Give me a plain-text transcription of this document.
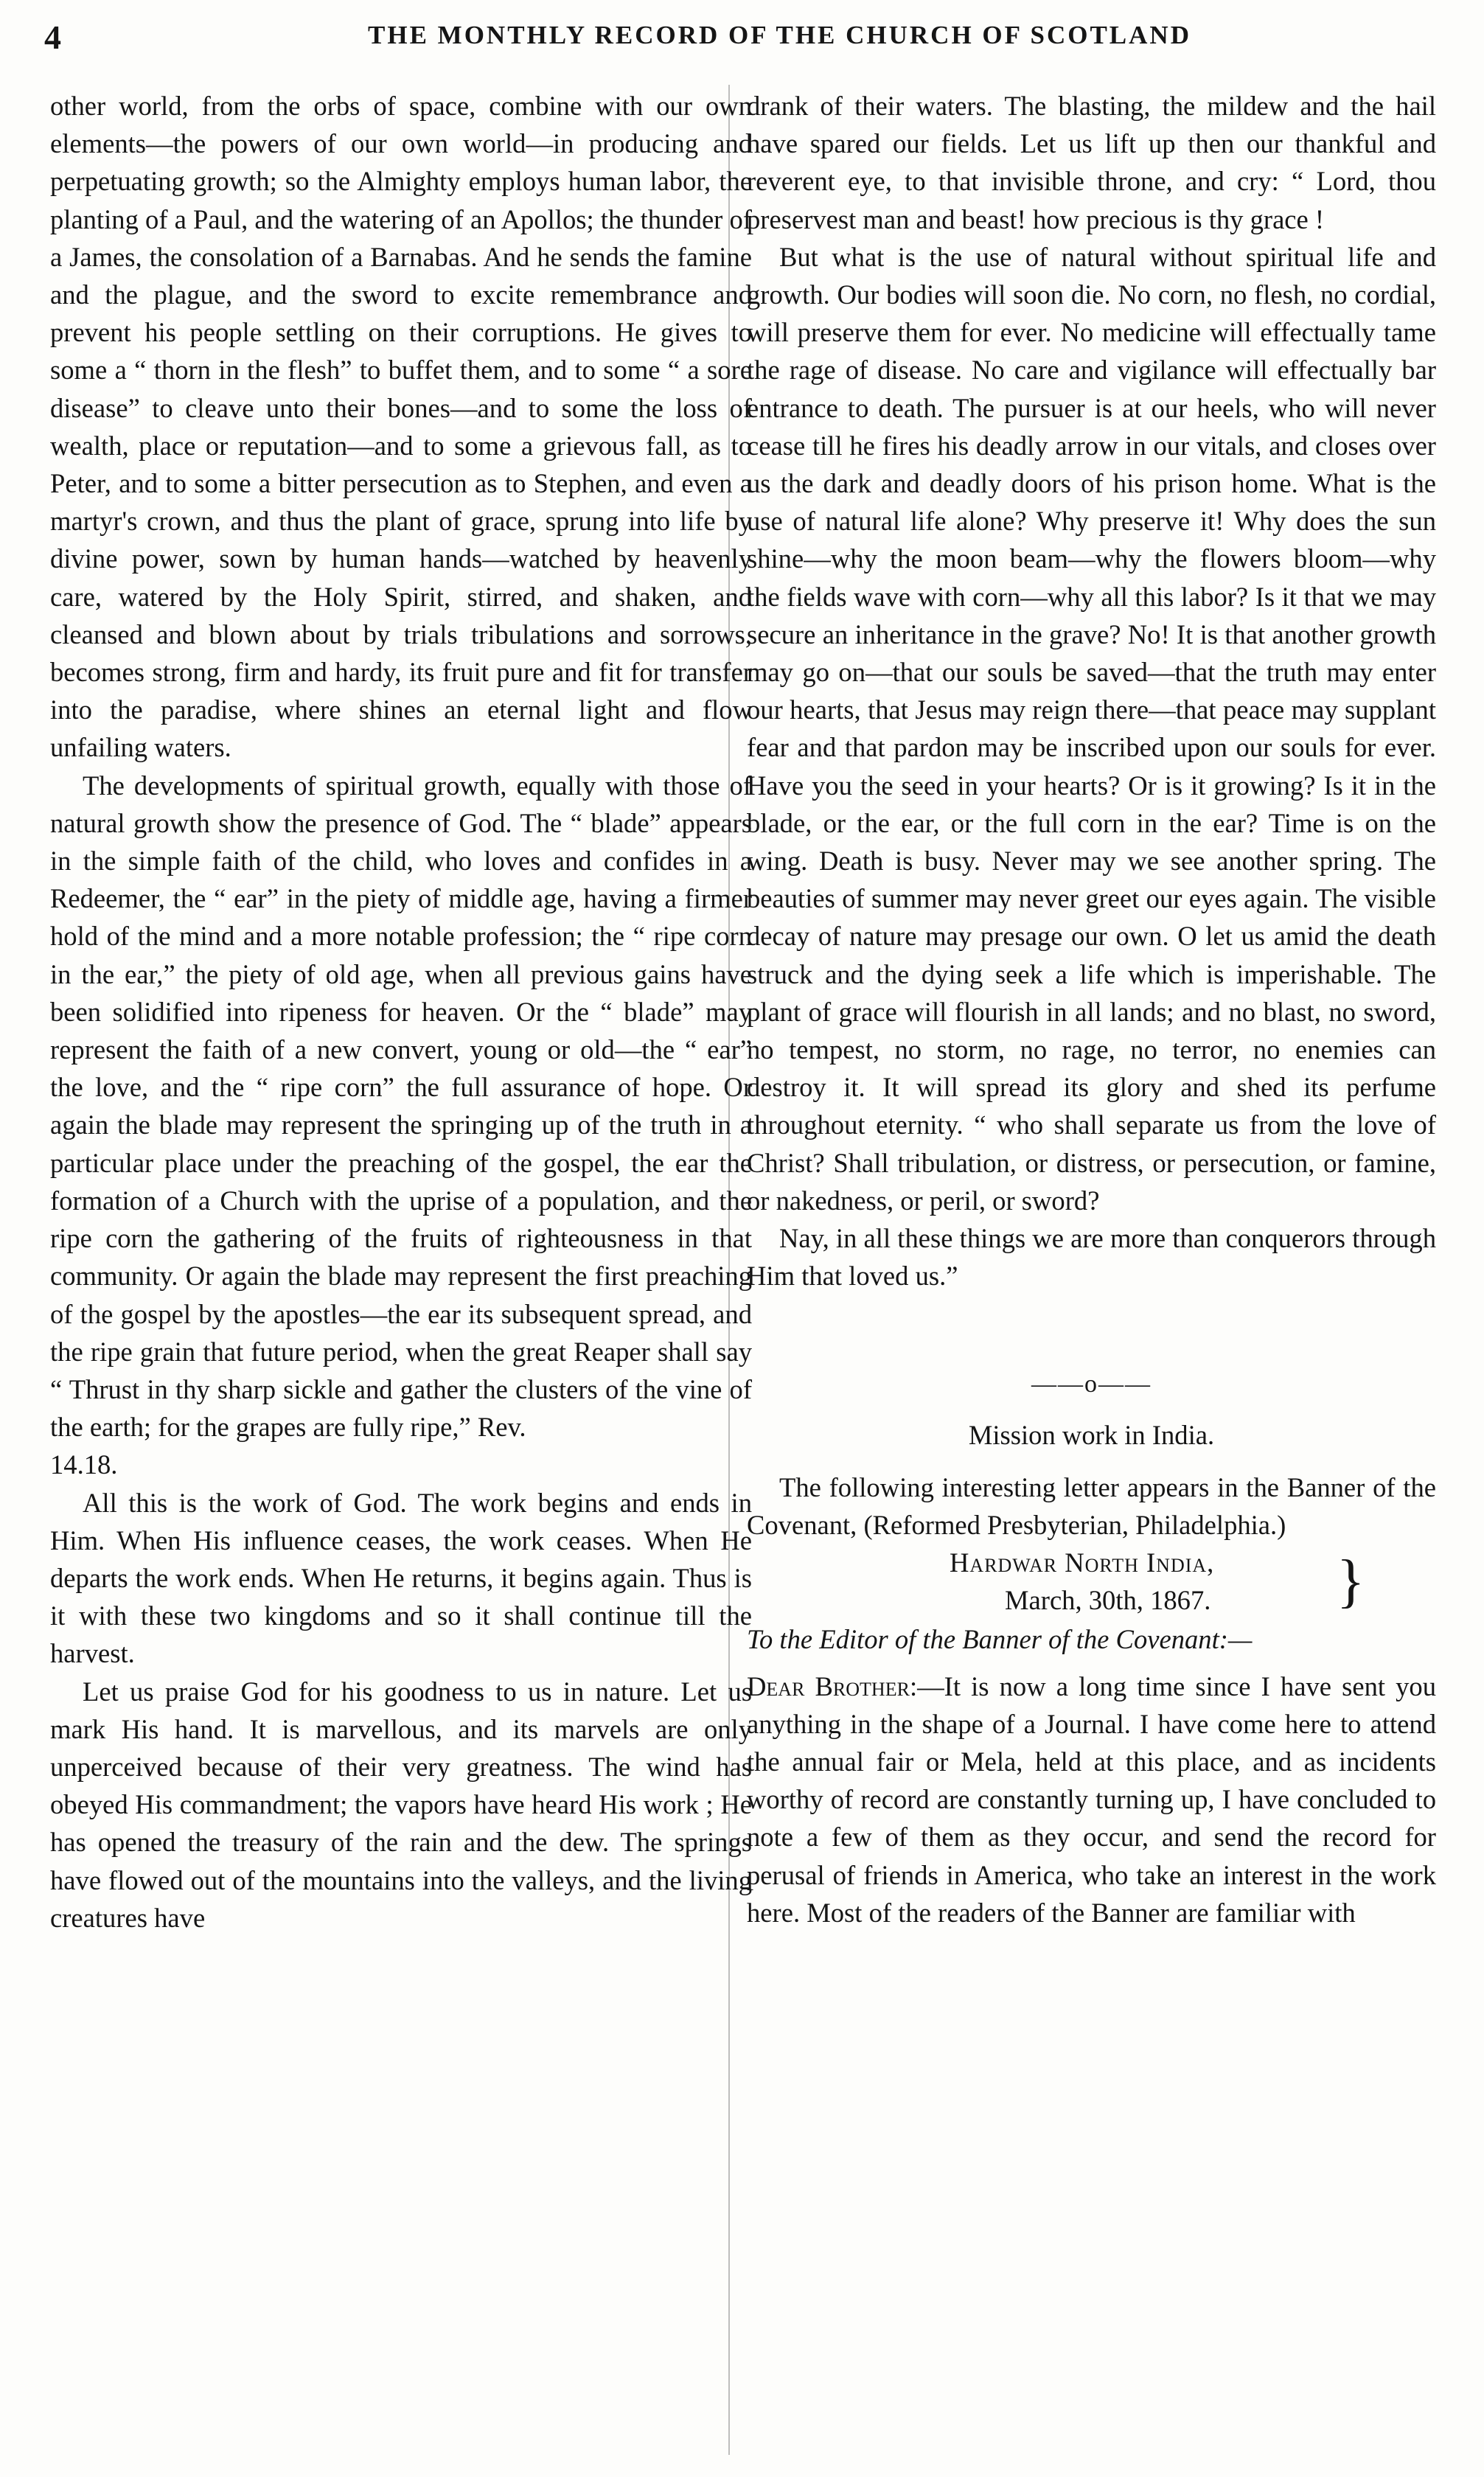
4	THE MONTHLY RECORD OF THE CHURCH OF SCOTLAND

other world, from the orbs of space, combine with our own elements—the powers of our own world—in producing and perpetuating growth; so the Almighty employs human labor, the planting of a Paul, and the watering of an Apollos; the thunder of a James, the consolation of a Barnabas. And he sends the famine and the plague, and the sword to excite remembrance and prevent his people settling on their corruptions. He gives to some a “ thorn in the flesh” to buffet them, and to some “ a sore disease” to cleave unto their bones—and to some the loss of wealth, place or reputation—and to some a grievous fall, as to Peter, and to some a bitter persecution as to Stephen, and even a martyr's crown, and thus the plant of grace, sprung into life by divine power, sown by human hands—watched by heavenly care, watered by the Holy Spirit, stirred, and shaken, and cleansed and blown about by trials tribulations and sorrows, becomes strong, firm and hardy, its fruit pure and fit for transfer into the paradise, where shines an eternal light and flow unfailing waters.

The developments of spiritual growth, equally with those of natural growth show the presence of God. The “ blade” appears in the simple faith of the child, who loves and confides in a Redeemer, the “ ear” in the piety of middle age, having a firmer hold of the mind and a more notable profession; the “ ripe corn in the ear,” the piety of old age, when all previous gains have been solidified into ripeness for heaven. Or the “ blade” may represent the faith of a new convert, young or old—the “ ear” the love, and the “ ripe corn” the full assurance of hope. Or again the blade may represent the springing up of the truth in a particular place under the preaching of the gospel, the ear the formation of a Church with the uprise of a population, and the ripe corn the gathering of the fruits of righteousness in that community. Or again the blade may represent the first preaching of the gospel by the apostles—the ear its subsequent spread, and the ripe grain that future period, when the great Reaper shall say “ Thrust in thy sharp sickle and gather the clusters of the vine of the earth; for the grapes are fully ripe,” Rev.

14.18.

All this is the work of God. The work begins and ends in Him. When His influence ceases, the work ceases. When He departs the work ends. When He returns, it begins again. Thus is it with these two kingdoms and so it shall continue till the harvest.

Let us praise God for his goodness to us in nature. Let us mark His hand. It is marvellous, and its marvels are only unperceived because of their very greatness. The wind has obeyed His commandment; the vapors have heard His work ; He has opened the treasury of the rain and the dew. The springs have flowed out of the mountains into the valleys, and the living creatures have

drank of their waters. The blasting, the mildew and the hail have spared our fields. Let us lift up then our thankful and reverent eye, to that invisible throne, and cry: “ Lord, thou preservest man and beast! how precious is thy grace !

But what is the use of natural without spiritual life and growth. Our bodies will soon die. No corn, no flesh, no cordial, will preserve them for ever. No medicine will effectually tame the rage of disease. No care and vigilance will effectually bar entrance to death. The pursuer is at our heels, who will never cease till he fires his deadly arrow in our vitals, and closes over us the dark and deadly doors of his prison home. What is the use of natural life alone? Why preserve it! Why does the sun shine—why the moon beam—why the flowers bloom—why the fields wave with corn—why all this labor? Is it that we may secure an inheritance in the grave? No! It is that another growth may go on—that our souls be saved—that the truth may enter our hearts, that Jesus may reign there—that peace may supplant fear and that pardon may be inscribed upon our souls for ever. Have you the seed in your hearts? Or is it growing? Is it in the blade, or the ear, or the full corn in the ear? Time is on the wing. Death is busy. Never may we see another spring. The beauties of summer may never greet our eyes again. The visible decay of nature may presage our own. O let us amid the death struck and the dying seek a life which is imperishable. The plant of grace will flourish in all lands; and no blast, no sword, no tempest, no storm, no rage, no terror, no enemies can destroy it. It will spread its glory and shed its perfume throughout eternity. “ who shall separate us from the love of Christ? Shall tribulation, or distress, or persecution, or famine, or nakedness, or peril, or sword?

Nay, in all these things we are more than conquerors through Him that loved us.”

——o——
Mission work in India.

The following interesting letter appears in the Banner of the Covenant, (Reformed Presbyterian, Philadelphia.)

Hardwar North India,
March, 30th, 1867. }

To the Editor of the Banner of the Covenant:—

Dear Brother:—It is now a long time since I have sent you anything in the shape of a Journal. I have come here to attend the annual fair or Mela, held at this place, and as incidents worthy of record are constantly turning up, I have concluded to note a few of them as they occur, and send the record for perusal of friends in America, who take an interest in the work here. Most of the readers of the Banner are familiar with
